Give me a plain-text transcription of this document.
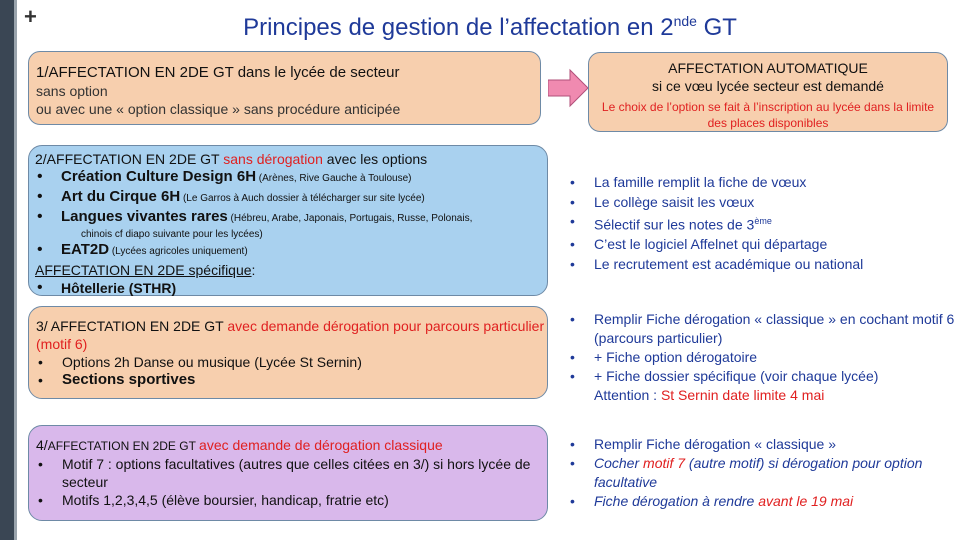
+	Principes de gestion de l’affectation en 2nde GT
1/AFFECTATION EN 2DE GT dans le lycée de secteur
sans option
ou avec une « option classique » sans procédure anticipée
AFFECTATION AUTOMATIQUE
si ce vœu lycée secteur est demandé
Le choix de l’option se fait à l’inscription au lycée dans la limite des places disponibles
2/AFFECTATION EN 2DE GT sans dérogation avec les options
•	Création Culture Design 6H (Arènes, Rive Gauche à Toulouse)
•	Art du Cirque 6H (Le Garros à Auch dossier à télécharger sur site lycée)
•	Langues vivantes rares (Hébreu, Arabe, Japonais, Portugais, Russe, Polonais,
chinois cf diapo suivante pour les lycées)
•	EAT2D (Lycées agricoles uniquement)
AFFECTATION EN 2DE spécifique:
•	Hôtellerie (STHR)
•	La famille remplit la fiche de vœux
•	Le collège saisit les vœux
•	Sélectif sur les notes de 3ème
•	C’est le logiciel Affelnet qui départage
•	Le recrutement est académique ou national
3/ AFFECTATION EN 2DE GT avec demande dérogation pour parcours particulier (motif 6)
•	Options 2h Danse ou musique (Lycée St Sernin)
•	Sections sportives
•	Remplir Fiche dérogation « classique » en cochant motif 6 (parcours particulier)
•	+ Fiche option dérogatoire
•	+ Fiche dossier spécifique (voir chaque lycée)
Attention : St Sernin date limite 4 mai
4/AFFECTATION EN 2DE GT avec demande de dérogation classique
•	Motif 7 : options facultatives (autres que celles citées en 3/) si hors lycée de secteur
•	Motifs 1,2,3,4,5 (élève boursier, handicap, fratrie etc)
•	Remplir Fiche dérogation « classique »
•	Cocher motif 7 (autre motif) si dérogation pour option facultative
•	Fiche dérogation à rendre avant le 19 mai
